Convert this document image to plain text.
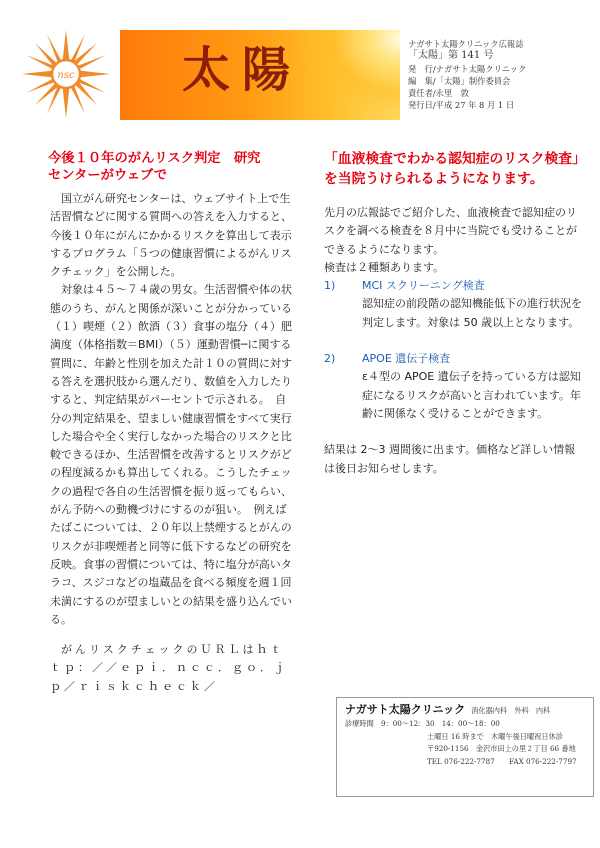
nsc 太陽	ナガサト太陽クリニック広報誌
「太陽」第 141 号
発　行/ナガサト太陽クリニック
編　集/「太陽」制作委員会
責任者/永里　敦
発行日/平成 27 年 8 月 1 日
今後１０年のがんリスク判定　研究
センターがウェブで

国立がん研究センターは、ウェブサイト上で生活習慣などに関する質問への答えを入力すると、今後１０年にがんにかかるリスクを算出して表示するプログラム「５つの健康習慣によるがんリスクチェック」を公開した。

対象は４５～７４歳の男女。生活習慣や体の状態のうち、がんと関係が深いことが分かっている（１）喫煙（２）飲酒（３）食事の塩分（４）肥満度（体格指数＝BMI）（５）運動習慣─に関する質問に、年齢と性別を加えた計１０の質問に対する答えを選択肢から選んだり、数値を入力したりすると、判定結果がパーセントで示される。　自分の判定結果を、望ましい健康習慣をすべて実行した場合や全く実行しなかった場合のリスクと比較できるほか、生活習慣を改善するとリスクがどの程度減るかも算出してくれる。こうしたチェックの過程で各自の生活習慣を振り返ってもらい、がん予防への動機づけにするのが狙い。　例えばたばこについては、２０年以上禁煙するとがんのリスクが非喫煙者と同等に低下するなどの研究を反映。食事の習慣については、特に塩分が高いタラコ、スジコなどの塩蔵品を食べる頻度を週１回未満にするのが望ましいとの結果を盛り込んでいる。

がんリスクチェックのＵＲＬはｈｔｔｐ：／／ｅｐｉ．ｎｃｃ．ｇｏ．ｊｐ／ｒｉｓｋｃｈｅｃｋ／
「血液検査でわかる認知症のリスク検査」を当院うけられるようになります。
先月の広報誌でご紹介した、血液検査で認知症のリスクを調べる検査を８月中に当院でも受けることができるようになります。
検査は２種類あります。
1)	MCI スクリーニング検査
認知症の前段階の認知機能低下の進行状況を判定します。対象は 50 歳以上となります。
2)	APOE 遺伝子検査
ε４型の APOE 遺伝子を持っている方は認知症になるリスクが高いと言われています。年齢に関係なく受けることができます。
結果は 2～3 週間後に出ます。価格など詳しい情報は後日お知らせします。
ナガサト太陽クリニック 消化器内科　外科　内科
診療時間　9：00～12：30　14：00～18：00
土曜日 16 時まで　木曜午後日曜祝日休診
〒920-1156　金沢市田上の里２丁目 66 番地
TEL 076-222-7787　　FAX 076-222-7797
